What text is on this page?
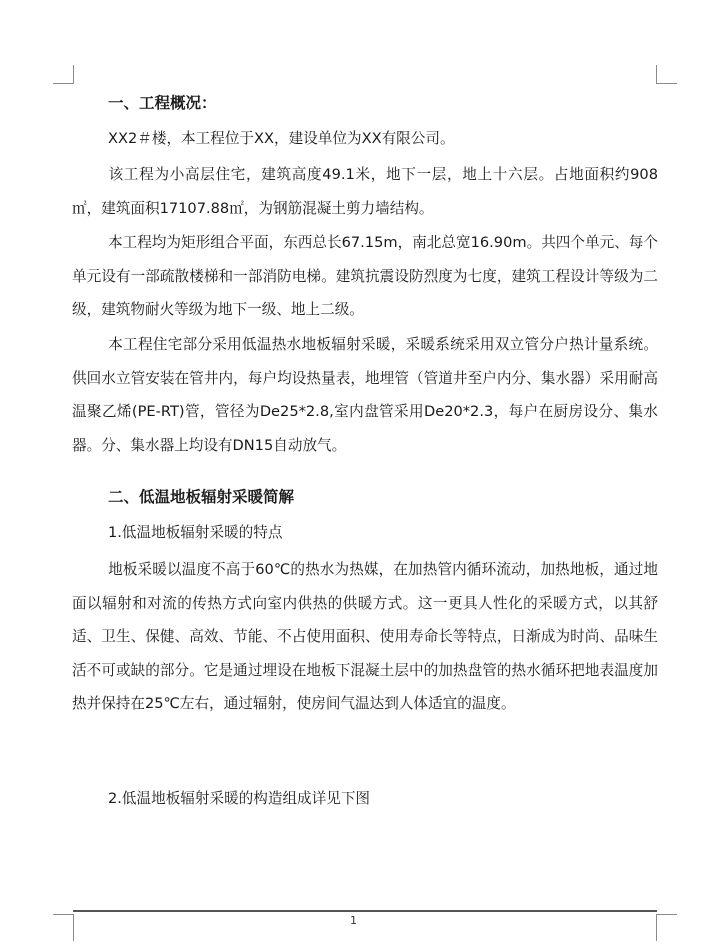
一、工程概况：
XX2＃楼，本工程位于XX，建设单位为XX有限公司。
该工程为小高层住宅，建筑高度49.1米，地下一层，地上十六层。占地面积约908㎡，建筑面积17107.88㎡，为钢筋混凝土剪力墙结构。
本工程均为矩形组合平面，东西总长67.15m，南北总宽16.90m。共四个单元、每个单元设有一部疏散楼梯和一部消防电梯。建筑抗震设防烈度为七度，建筑工程设计等级为二级，建筑物耐火等级为地下一级、地上二级。
本工程住宅部分采用低温热水地板辐射采暖，采暖系统采用双立管分户热计量系统。供回水立管安装在管井内，每户均设热量表，地埋管（管道井至户内分、集水器）采用耐高温聚乙烯(PE-RT)管，管径为De25*2.8,室内盘管采用De20*2.3，每户在厨房设分、集水器。分、集水器上均设有DN15自动放气。
二、低温地板辐射采暖简解
1.低温地板辐射采暖的特点
地板采暖以温度不高于60℃的热水为热媒，在加热管内循环流动，加热地板，通过地面以辐射和对流的传热方式向室内供热的供暖方式。这一更具人性化的采暖方式，以其舒适、卫生、保健、高效、节能、不占使用面积、使用寿命长等特点，日渐成为时尚、品味生活不可或缺的部分。它是通过埋设在地板下混凝土层中的加热盘管的热水循环把地表温度加热并保持在25℃左右，通过辐射，使房间气温达到人体适宜的温度。
2.低温地板辐射采暖的构造组成详见下图
1
